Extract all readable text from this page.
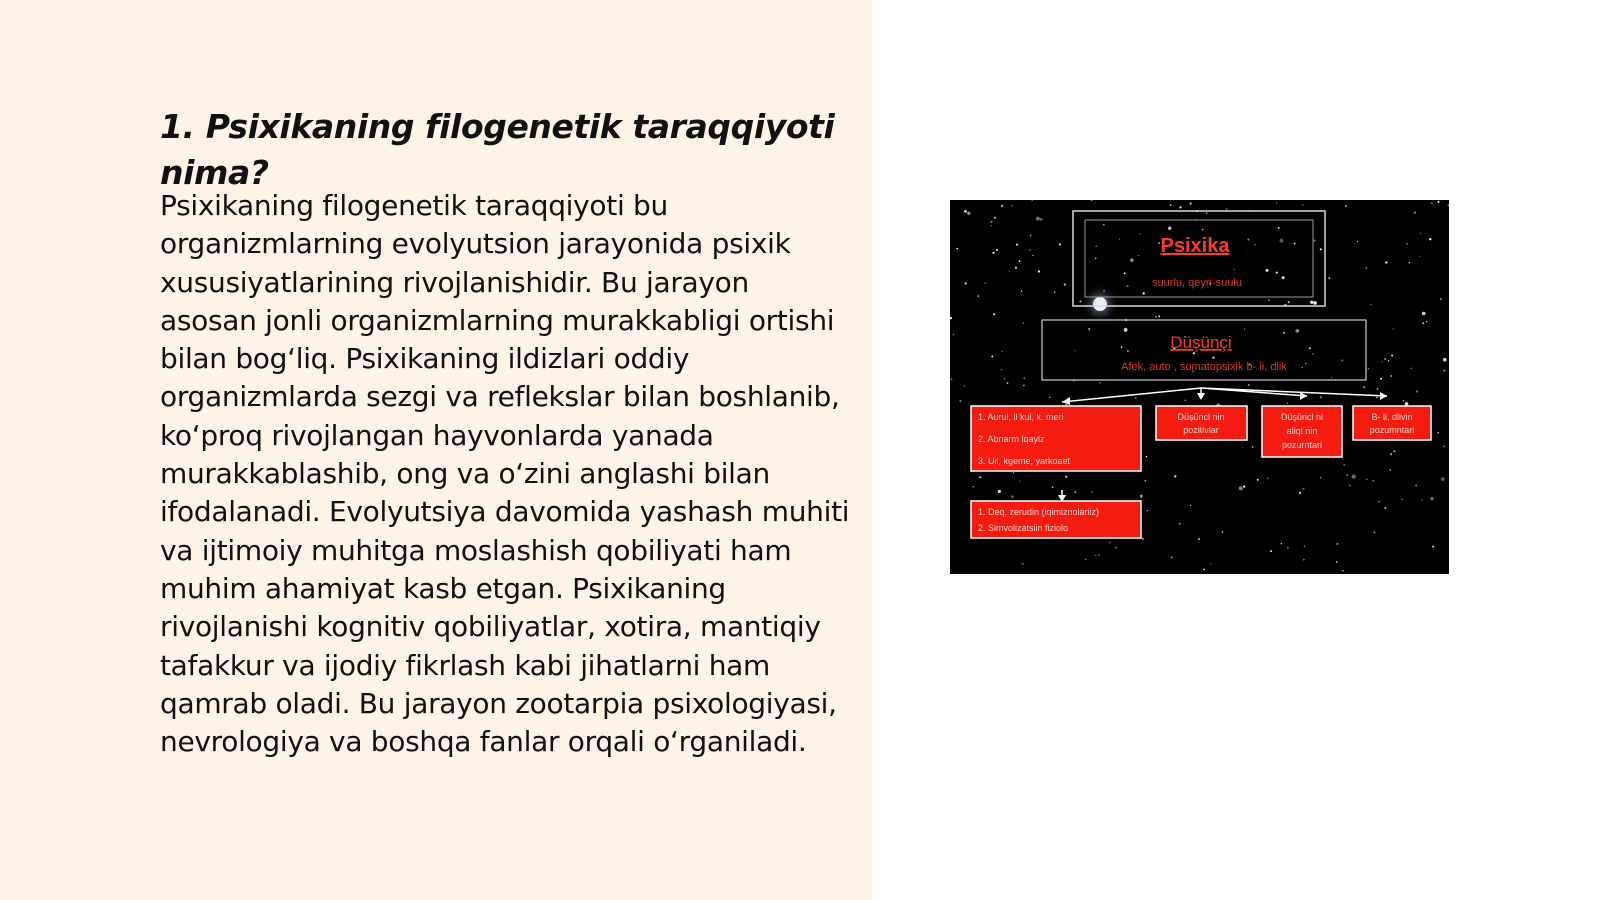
1. Psixikaning filogenetik taraqqiyoti nima?

Psixikaning filogenetik taraqqiyoti bu organizmlarning evolyutsion jarayonida psixik xususiyatlarining rivojlanishidir. Bu jarayon asosan jonli organizmlarning murakkabligi ortishi bilan bog‘liq. Psixikaning ildizlari oddiy organizmlarda sezgi va reflekslar bilan boshlanib, ko‘proq rivojlangan hayvonlarda yanada murakkablashib, ong va o‘zini anglashi bilan ifodalanadi. Evolyutsiya davomida yashash muhiti va ijtimoiy muhitga moslashish qobiliyati ham muhim ahamiyat kasb etgan. Psixikaning rivojlanishi kognitiv qobiliyatlar, xotira, mantiqiy tafakkur va ijodiy fikrlash kabi jihatlarni ham qamrab oladi. Bu jarayon zootarpia psixologiyasi, nevrologiya va boshqa fanlar orqali o‘rganiladi.

Psixika
suurlu, qeyri-suulu
Düşünçi
Afek, auto , somatopsixik b- li, dlik
1. Aurul, il kul, k. meri
2. Abnarm lqaylz
3. Uil, kgeme, yarkoaet
Düşüncl nin
pozitivlar
Düşüncl ni
aliql nin
pozurntari
B- li, dlivin
pozumntari
1. Deq, zerudin (iqimiznolariiz)
2. Simvolizatsiin fiziolo
